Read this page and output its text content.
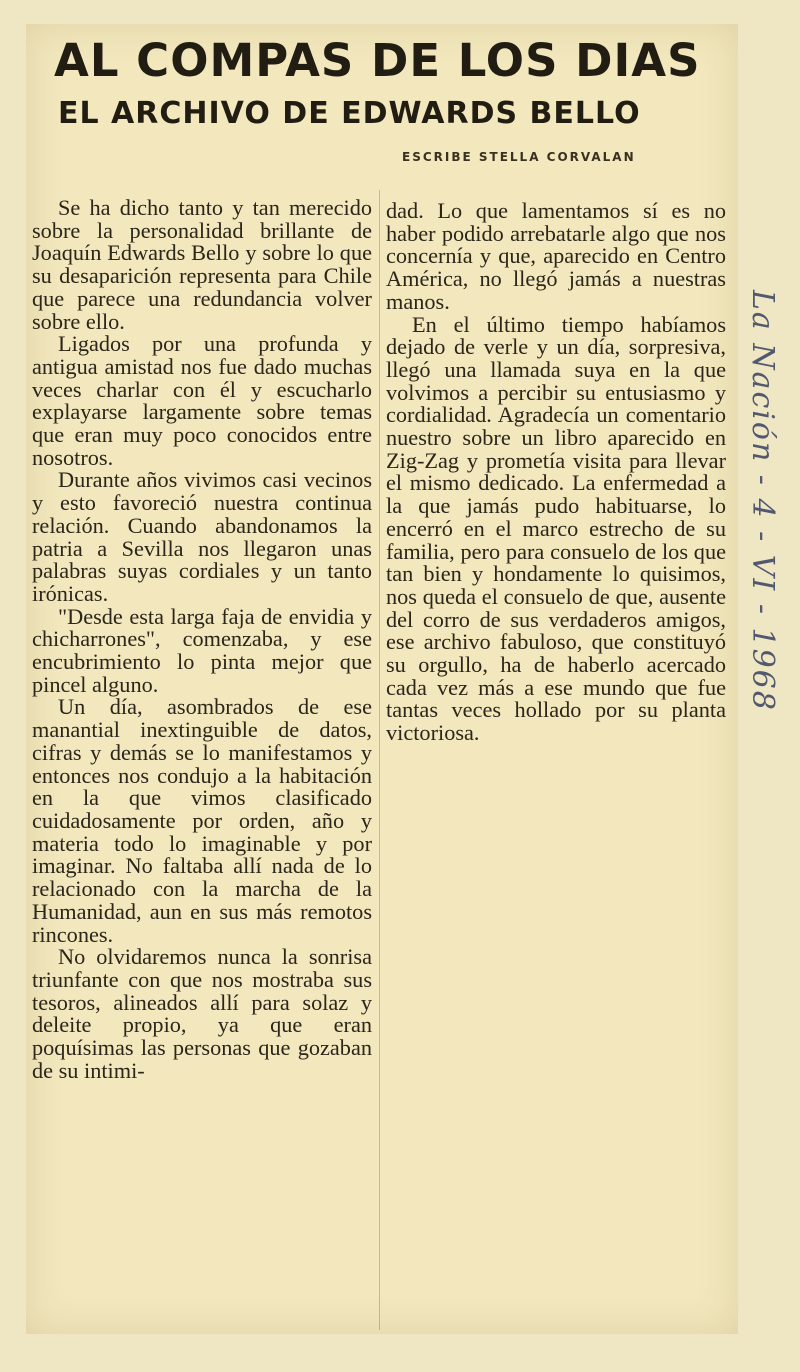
AL COMPAS DE LOS DIAS
EL ARCHIVO DE EDWARDS BELLO
ESCRIBE STELLA CORVALAN

Se ha dicho tanto y tan merecido sobre la personalidad brillante de Joaquín Edwards Bello y sobre lo que su desaparición representa para Chile que parece una redundancia volver sobre ello.

Ligados por una profunda y antigua amistad nos fue dado muchas veces charlar con él y escucharlo explayarse largamente sobre temas que eran muy poco conocidos entre nosotros.

Durante años vivimos casi vecinos y esto favoreció nuestra continua relación. Cuando abandonamos la patria a Sevilla nos llegaron unas palabras suyas cordiales y un tanto irónicas.

"Desde esta larga faja de envidia y chicharrones", comenzaba, y ese encubrimiento lo pinta mejor que pincel alguno.

Un día, asombrados de ese manantial inextinguible de datos, cifras y demás se lo manifestamos y entonces nos condujo a la habitación en la que vimos clasificado cuidadosamente por orden, año y materia todo lo imaginable y por imaginar. No faltaba allí nada de lo relacionado con la marcha de la Humanidad, aun en sus más remotos rincones.

No olvidaremos nunca la sonrisa triunfante con que nos mostraba sus tesoros, alineados allí para solaz y deleite propio, ya que eran poquísimas las personas que gozaban de su intimi-

dad. Lo que lamentamos sí es no haber podido arrebatarle algo que nos concernía y que, aparecido en Centro América, no llegó jamás a nuestras manos.

En el último tiempo habíamos dejado de verle y un día, sorpresiva, llegó una llamada suya en la que volvimos a percibir su entusiasmo y cordialidad. Agradecía un comentario nuestro sobre un libro aparecido en Zig-Zag y prometía visita para llevar el mismo dedicado. La enfermedad a la que jamás pudo habituarse, lo encerró en el marco estrecho de su familia, pero para consuelo de los que tan bien y hondamente lo quisimos, nos queda el consuelo de que, ausente del corro de sus verdaderos amigos, ese archivo fabuloso, que constituyó su orgullo, ha de haberlo acercado cada vez más a ese mundo que fue tantas veces hollado por su planta victoriosa.

La Nación - 4 - VI - 1968
